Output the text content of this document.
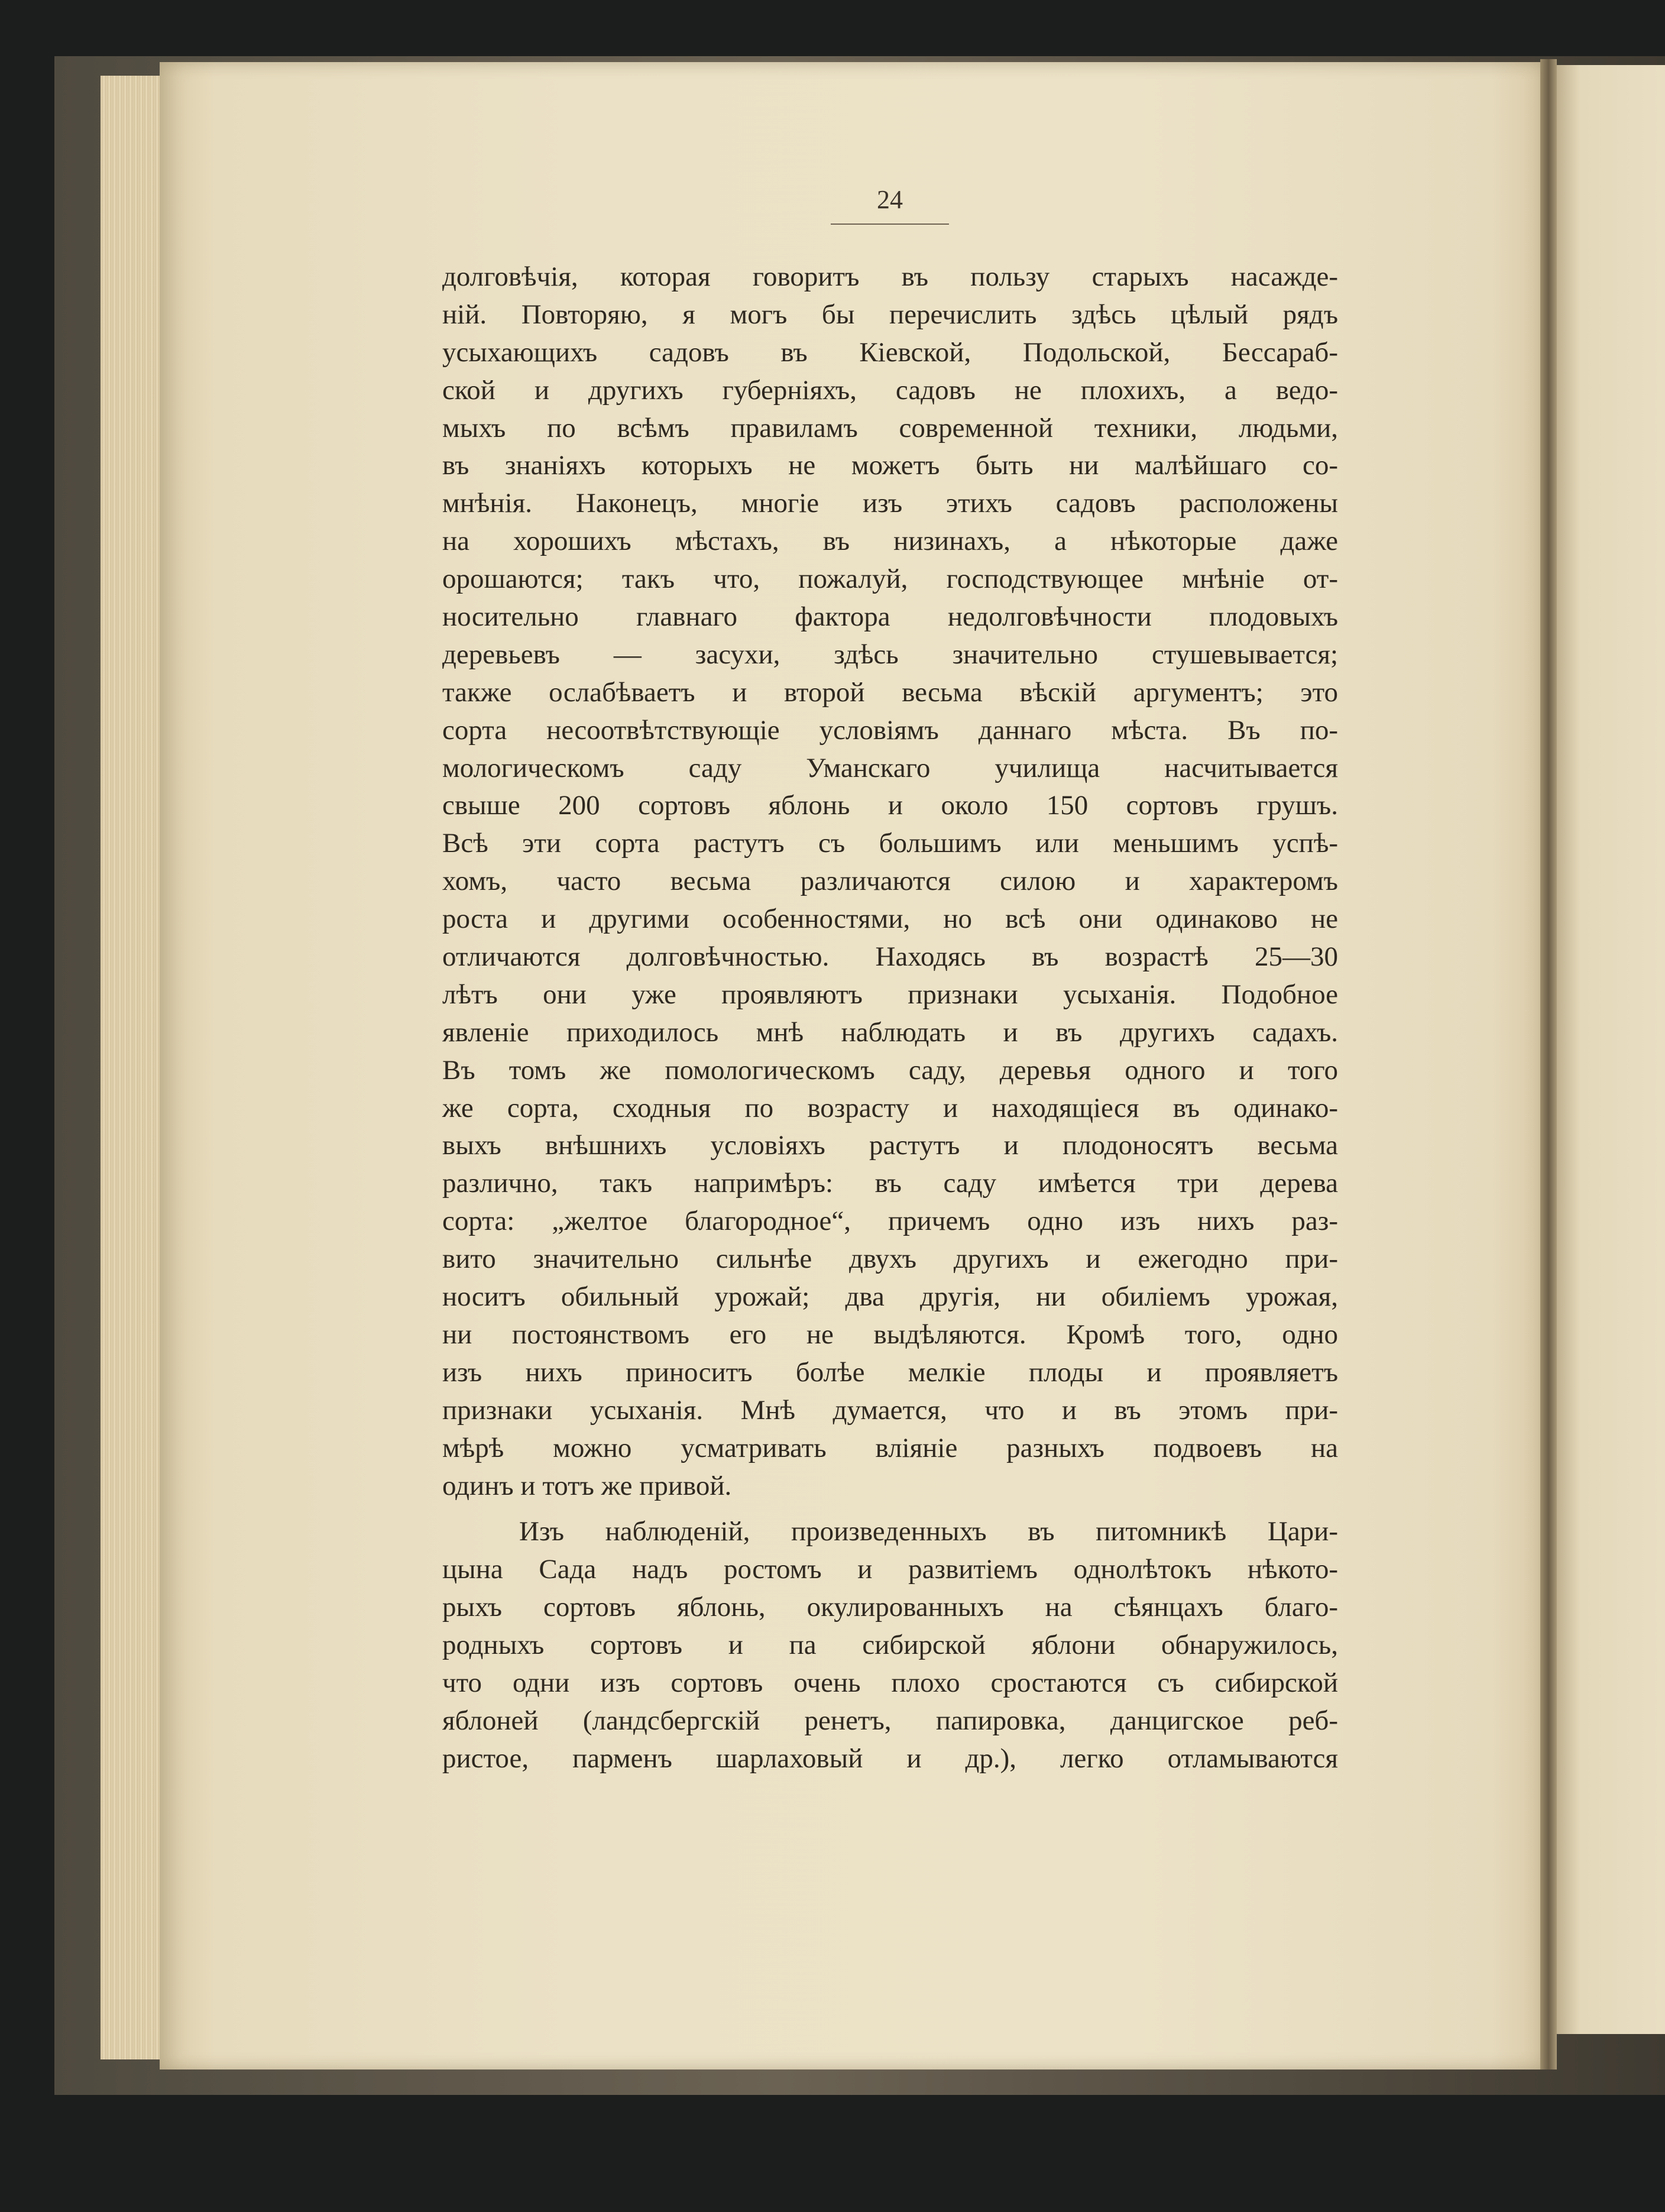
24

долговѣчія, которая говоритъ въ пользу старыхъ насажде-
ній. Повторяю, я могъ бы перечислить здѣсь цѣлый рядъ
усыхающихъ садовъ въ Кіевской, Подольской, Бессараб-
ской и другихъ губерніяхъ, садовъ не плохихъ, а ведо-
мыхъ по всѣмъ правиламъ современной техники, людьми,
въ знаніяхъ которыхъ не можетъ быть ни малѣйшаго со-
мнѣнія. Наконецъ, многіе изъ этихъ садовъ расположены
на хорошихъ мѣстахъ, въ низинахъ, а нѣкоторые даже
орошаются; такъ что, пожалуй, господствующее мнѣніе от-
носительно главнаго фактора недолговѣчности плодовыхъ
деревьевъ — засухи, здѣсь значительно стушевывается;
также ослабѣваетъ и второй весьма вѣскій аргументъ; это
сорта несоотвѣтствующіе условіямъ даннаго мѣста. Въ по-
мологическомъ саду Уманскаго училища насчитывается
свыше 200 сортовъ яблонь и около 150 сортовъ грушъ.
Всѣ эти сорта растутъ съ большимъ или меньшимъ успѣ-
хомъ, часто весьма различаются силою и характеромъ
роста и другими особенностями, но всѣ они одинаково не
отличаются долговѣчностью. Находясь въ возрастѣ 25—30
лѣтъ они уже проявляютъ признаки усыханія. Подобное
явленіе приходилось мнѣ наблюдать и въ другихъ садахъ.
Въ томъ же помологическомъ саду, деревья одного и того
же сорта, сходныя по возрасту и находящіеся въ одинако-
выхъ внѣшнихъ условіяхъ растутъ и плодоносятъ весьма
различно, такъ напримѣръ: въ саду имѣется три дерева
сорта: „желтое благородное“, причемъ одно изъ нихъ раз-
вито значительно сильнѣе двухъ другихъ и ежегодно при-
носитъ обильный урожай; два другія, ни обиліемъ урожая,
ни постоянствомъ его не выдѣляются. Кромѣ того, одно
изъ нихъ приноситъ болѣе мелкіе плоды и проявляетъ
признаки усыханія. Мнѣ думается, что и въ этомъ при-
мѣрѣ можно усматривать вліяніе разныхъ подвоевъ на
одинъ и тотъ же привой.
Изъ наблюденій, произведенныхъ въ питомникѣ Цари-
цына Сада надъ ростомъ и развитіемъ однолѣтокъ нѣкото-
рыхъ сортовъ яблонь, окулированныхъ на сѣянцахъ благо-
родныхъ сортовъ и па сибирской яблони обнаружилось,
что одни изъ сортовъ очень плохо сростаются съ сибирской
яблоней (ландсбергскій ренетъ, папировка, данцигское реб-
ристое, парменъ шарлаховый и др.), легко отламываются
